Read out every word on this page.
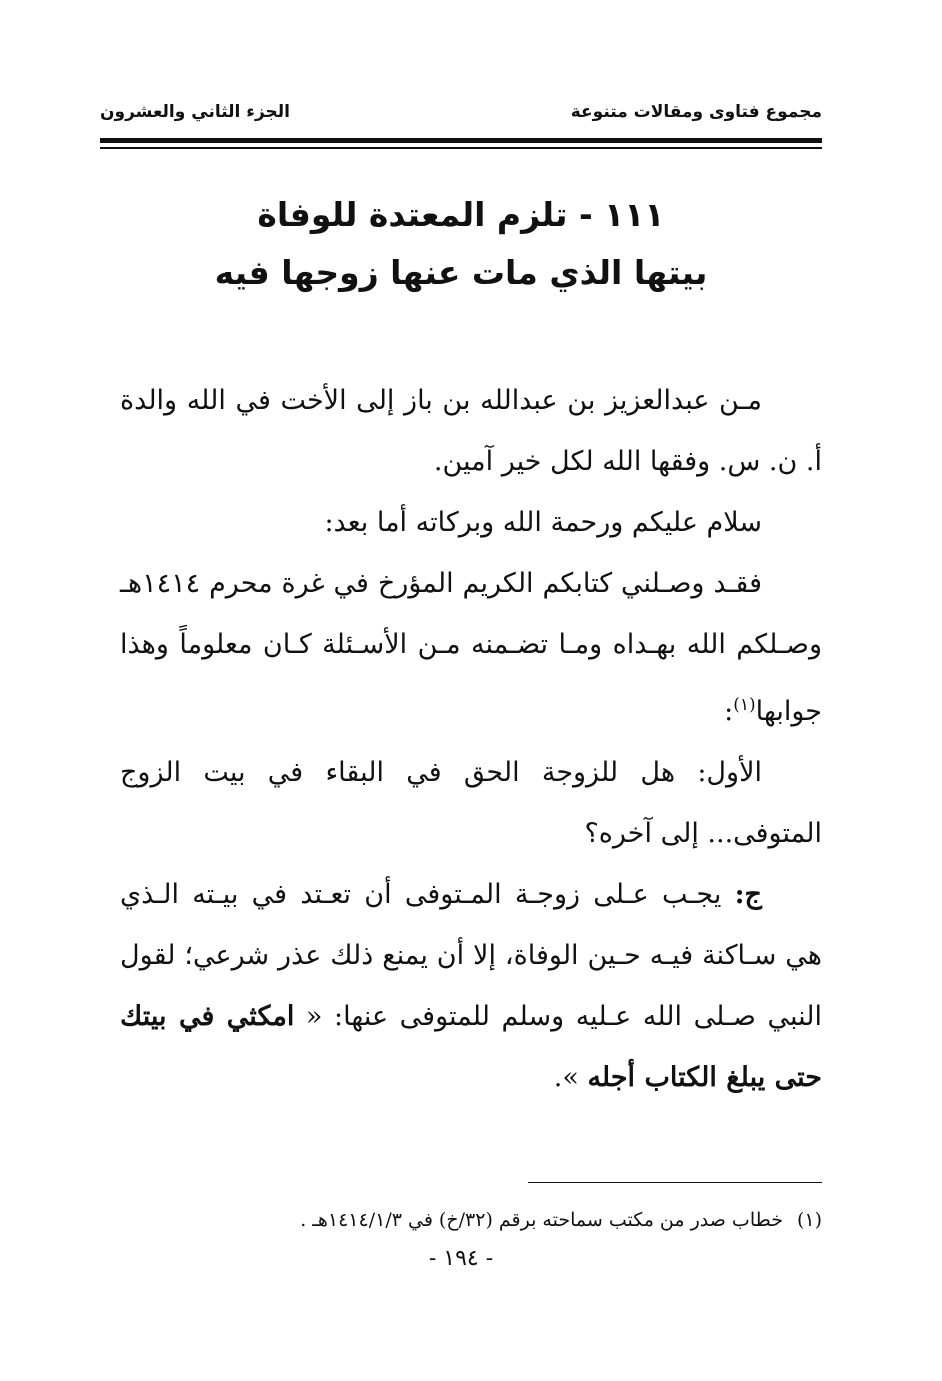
مجموع فتاوى ومقالات متنوعة
الجزء الثاني والعشرون
١١١ - تلزم المعتدة للوفاة
بيتها الذي مات عنها زوجها فيه

مـن عبدالعزيز بن عبدالله بن باز إلى الأخت في الله والدة أ. ن. س. وفقها الله لكل خير آمين.

سلام عليكم ورحمة الله وبركاته أما بعد:

فقـد وصـلني كتابكم الكريم المؤرخ في غرة محرم ١٤١٤هـ وصـلكم الله بهـداه ومـا تضـمنه مـن الأسـئلة كـان معلوماً وهذا جوابها$^{(١)}$:

الأول: هل للزوجة الحق في البقاء في بيت الزوج المتوفى... إلى آخره؟

ج: يجـب عـلى زوجـة المـتوفى أن تعـتد في بيـته الـذي هي سـاكنة فيـه حـين الوفاة، إلا أن يمنع ذلك عذر شرعي؛ لقول النبي صـلى الله عـليه وسلم للمتوفى عنها: « امكثي في بيتك حتى يبلغ الكتاب أجله ».

(١)خطاب صدر من مكتب سماحته برقم (٣٢/خ) في ١٤١٤/١/٣هـ .
- ١٩٤ -
